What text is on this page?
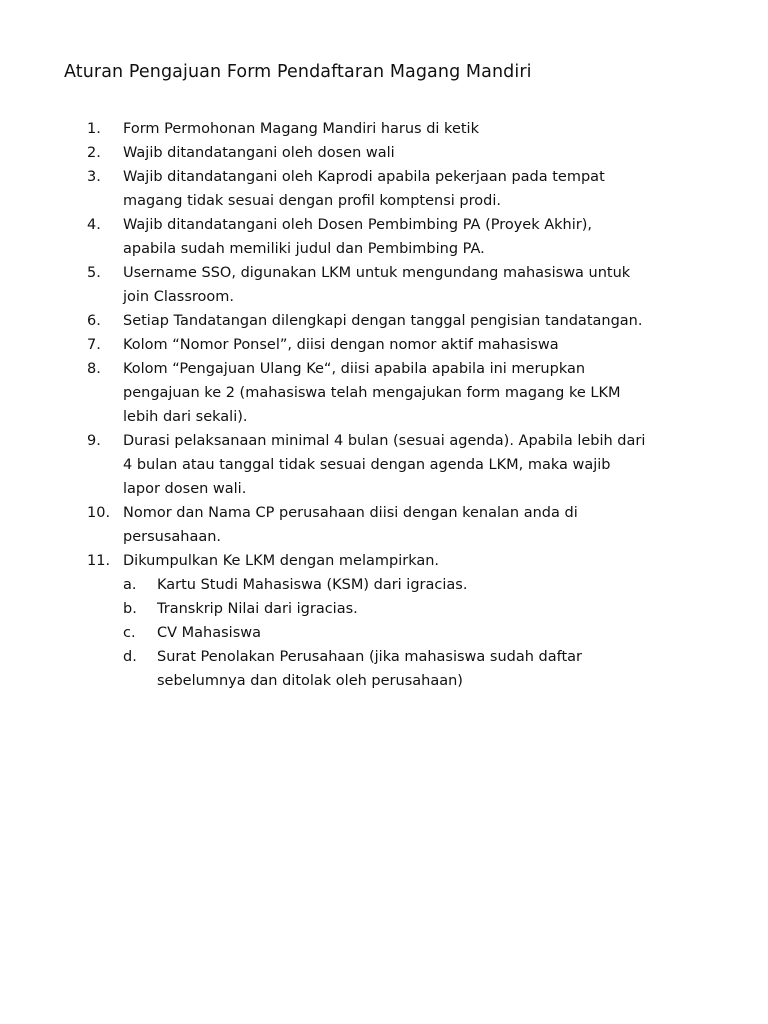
Aturan Pengajuan Form Pendaftaran Magang Mandiri
1. Form Permohonan Magang Mandiri harus di ketik
2. Wajib ditandatangani oleh dosen wali
3. Wajib ditandatangani oleh Kaprodi apabila pekerjaan pada tempat
magang tidak sesuai dengan profil komptensi prodi.
4. Wajib ditandatangani oleh Dosen Pembimbing PA (Proyek Akhir),
apabila sudah memiliki judul dan Pembimbing PA.
5. Username SSO, digunakan LKM untuk mengundang mahasiswa untuk
join Classroom.
6. Setiap Tandatangan dilengkapi dengan tanggal pengisian tandatangan.
7. Kolom “Nomor Ponsel”, diisi dengan nomor aktif mahasiswa
8. Kolom “Pengajuan Ulang Ke“, diisi apabila apabila ini merupkan
pengajuan ke 2 (mahasiswa telah mengajukan form magang ke LKM
lebih dari sekali).
9. Durasi pelaksanaan minimal 4 bulan (sesuai agenda). Apabila lebih dari
4 bulan atau tanggal tidak sesuai dengan agenda LKM, maka wajib
lapor dosen wali.
10. Nomor dan Nama CP perusahaan diisi dengan kenalan anda di
persusahaan.
11. Dikumpulkan Ke LKM dengan melampirkan.
a. Kartu Studi Mahasiswa (KSM) dari igracias.
b. Transkrip Nilai dari igracias.
c. CV Mahasiswa
d. Surat Penolakan Perusahaan (jika mahasiswa sudah daftar
sebelumnya dan ditolak oleh perusahaan)
